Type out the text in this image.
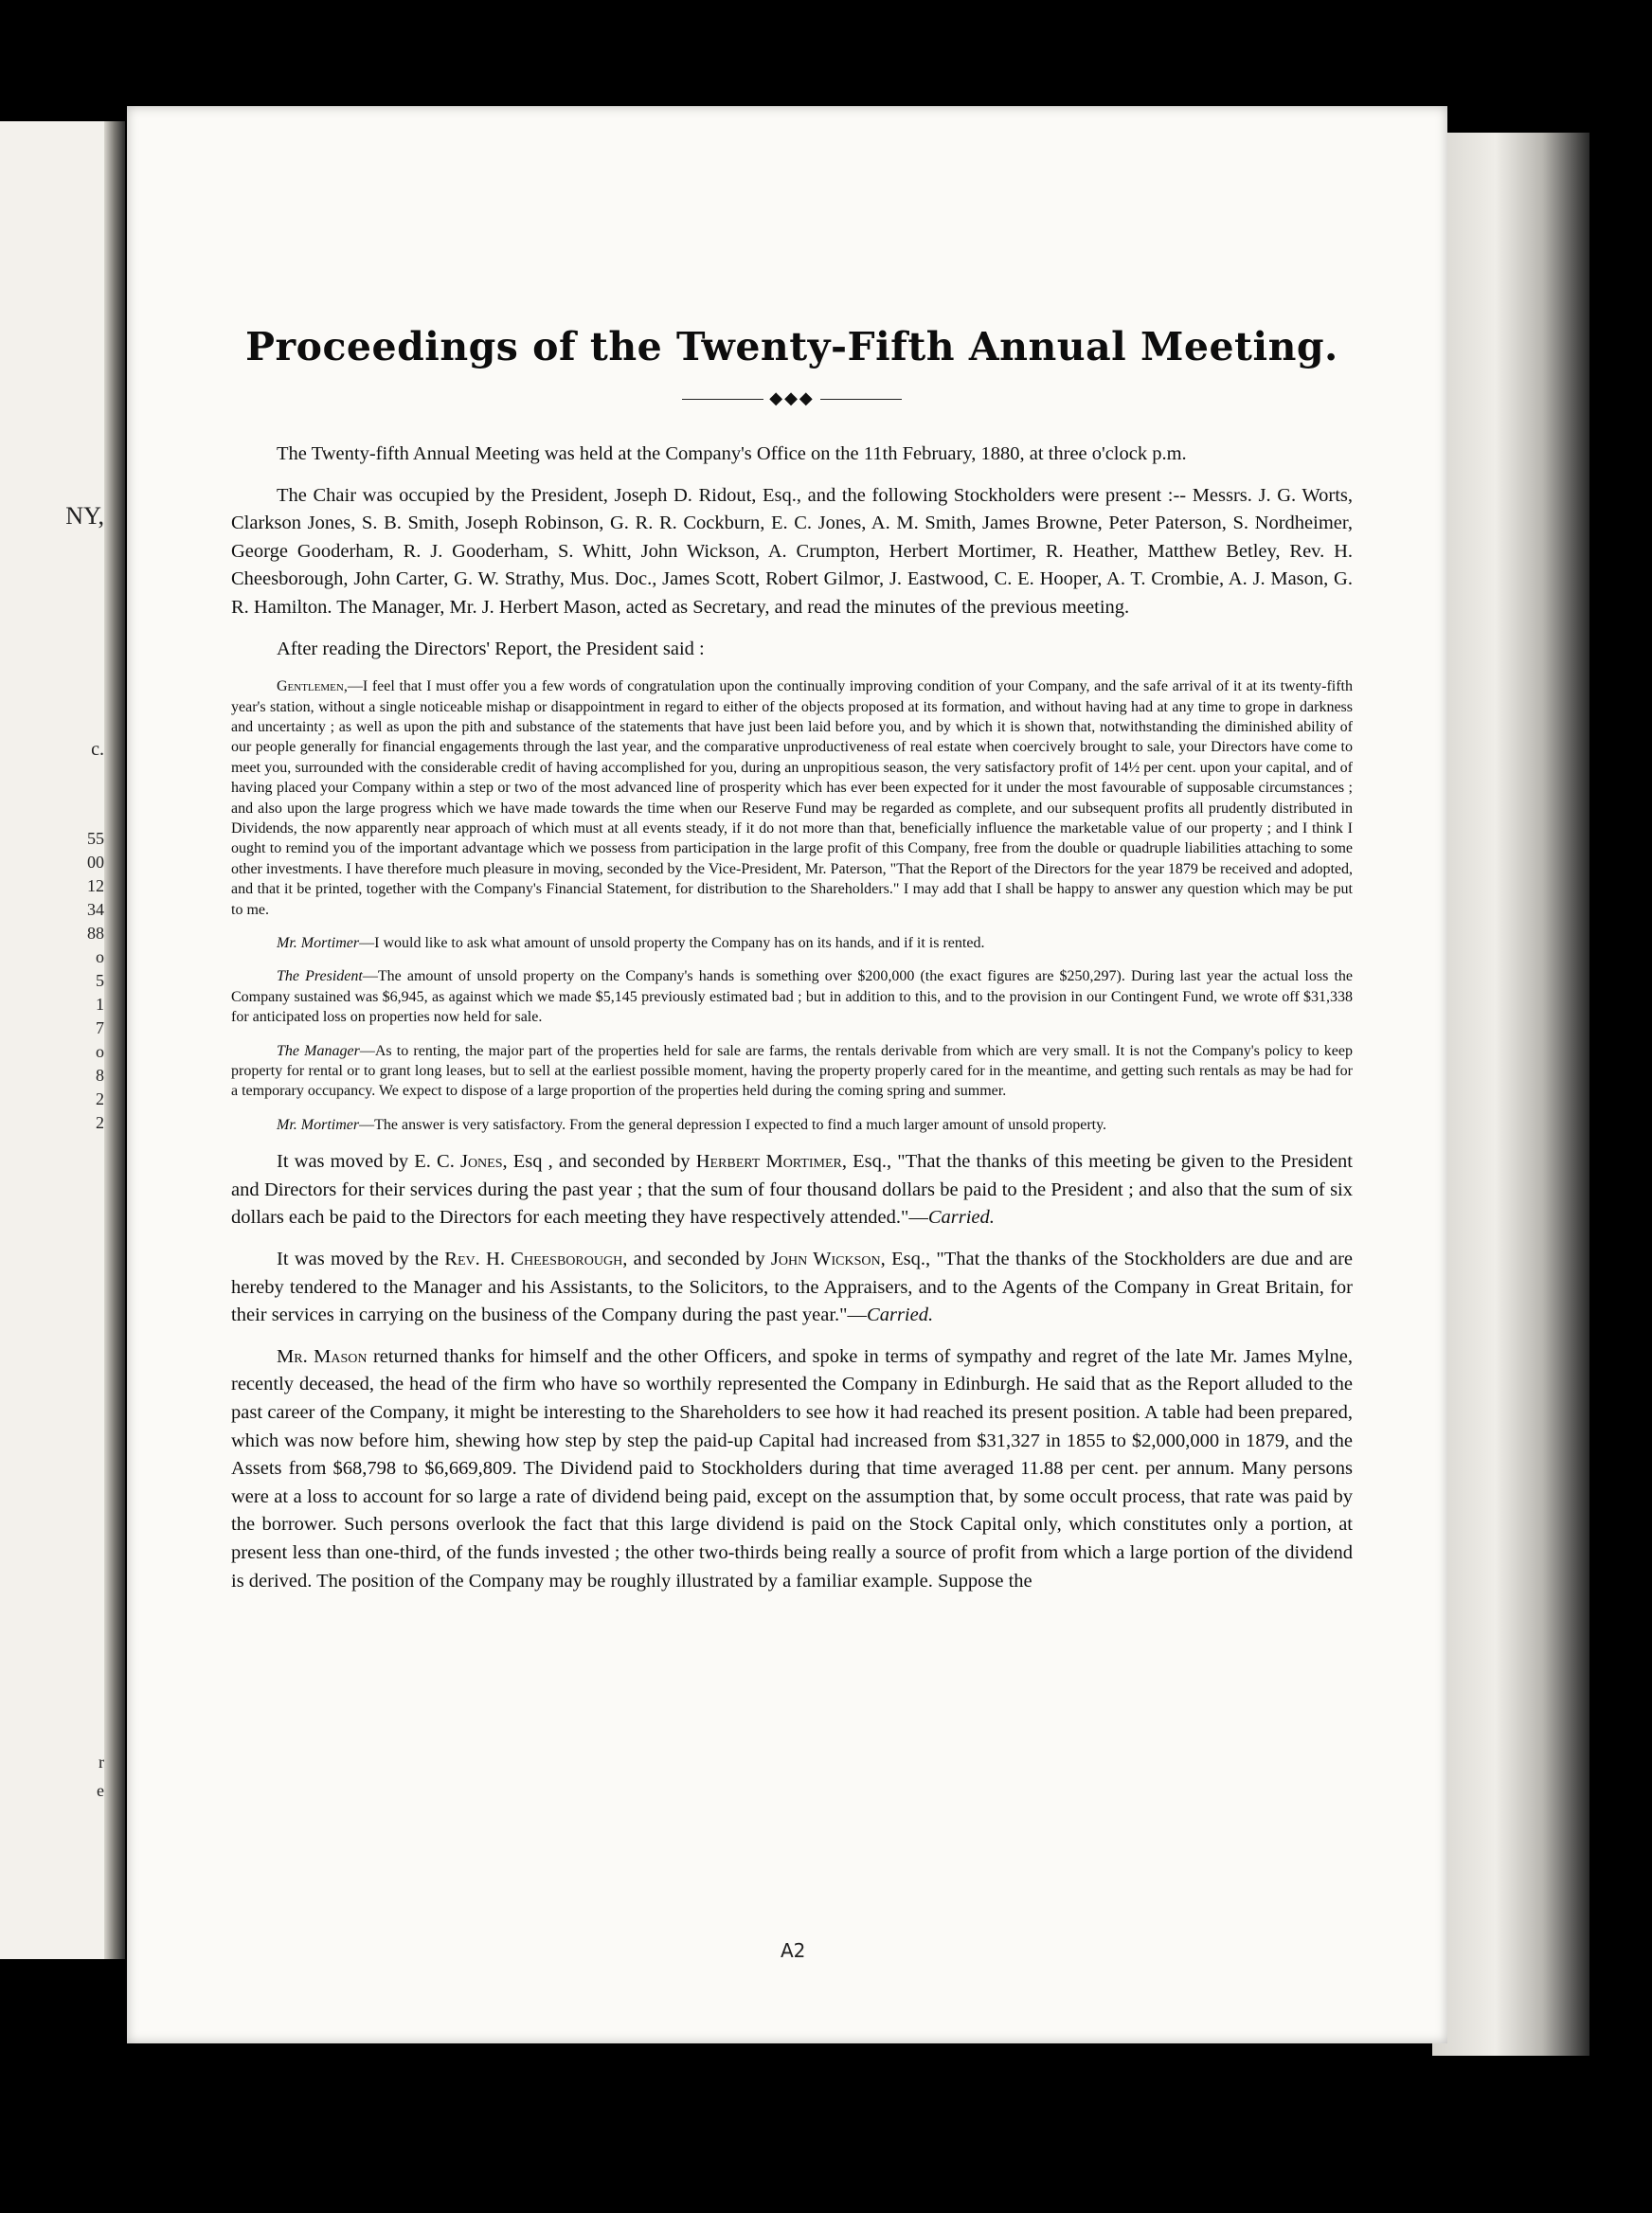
NY,
c.
55
00
12
34
88
o
5
1
7
o
8
2
2
r
e
Proceedings of the Twenty-Fifth Annual Meeting.
◆◆◆

The Twenty-fifth Annual Meeting was held at the Company's Office on the 11th February, 1880, at three o'clock p.m.

The Chair was occupied by the President, Joseph D. Ridout, Esq., and the following Stockholders were present :-- Messrs. J. G. Worts, Clarkson Jones, S. B. Smith, Joseph Robinson, G. R. R. Cockburn, E. C. Jones, A. M. Smith, James Browne, Peter Paterson, S. Nordheimer, George Gooderham, R. J. Gooderham, S. Whitt, John Wickson, A. Crumpton, Herbert Mortimer, R. Heather, Matthew Betley, Rev. H. Cheesborough, John Carter, G. W. Strathy, Mus. Doc., James Scott, Robert Gilmor, J. Eastwood, C. E. Hooper, A. T. Crombie, A. J. Mason, G. R. Hamilton. The Manager, Mr. J. Herbert Mason, acted as Secretary, and read the minutes of the previous meeting.

After reading the Directors' Report, the President said :

Gentlemen,—I feel that I must offer you a few words of congratulation upon the continually improving condition of your Company, and the safe arrival of it at its twenty-fifth year's station, without a single noticeable mishap or disappointment in regard to either of the objects proposed at its formation, and without having had at any time to grope in darkness and uncertainty ; as well as upon the pith and substance of the statements that have just been laid before you, and by which it is shown that, notwithstanding the diminished ability of our people generally for financial engagements through the last year, and the comparative unproductiveness of real estate when coercively brought to sale, your Directors have come to meet you, surrounded with the considerable credit of having accomplished for you, during an unpropitious season, the very satisfactory profit of 14½ per cent. upon your capital, and of having placed your Company within a step or two of the most advanced line of prosperity which has ever been expected for it under the most favourable of supposable circumstances ; and also upon the large progress which we have made towards the time when our Reserve Fund may be regarded as complete, and our subsequent profits all prudently distributed in Dividends, the now apparently near approach of which must at all events steady, if it do not more than that, beneficially influence the marketable value of our property ; and I think I ought to remind you of the important advantage which we possess from participation in the large profit of this Company, free from the double or quadruple liabilities attaching to some other investments. I have therefore much pleasure in moving, seconded by the Vice-President, Mr. Paterson, "That the Report of the Directors for the year 1879 be received and adopted, and that it be printed, together with the Company's Financial Statement, for distribution to the Shareholders." I may add that I shall be happy to answer any question which may be put to me.

Mr. Mortimer—I would like to ask what amount of unsold property the Company has on its hands, and if it is rented.

The President—The amount of unsold property on the Company's hands is something over $200,000 (the exact figures are $250,297). During last year the actual loss the Company sustained was $6,945, as against which we made $5,145 previously estimated bad ; but in addition to this, and to the provision in our Contingent Fund, we wrote off $31,338 for anticipated loss on properties now held for sale.

The Manager—As to renting, the major part of the properties held for sale are farms, the rentals derivable from which are very small. It is not the Company's policy to keep property for rental or to grant long leases, but to sell at the earliest possible moment, having the property properly cared for in the meantime, and getting such rentals as may be had for a temporary occupancy. We expect to dispose of a large proportion of the properties held during the coming spring and summer.

Mr. Mortimer—The answer is very satisfactory. From the general depression I expected to find a much larger amount of unsold property.

It was moved by E. C. Jones, Esq , and seconded by Herbert Mortimer, Esq., "That the thanks of this meeting be given to the President and Directors for their services during the past year ; that the sum of four thousand dollars be paid to the President ; and also that the sum of six dollars each be paid to the Directors for each meeting they have respectively attended."—Carried.

It was moved by the Rev. H. Cheesborough, and seconded by John Wickson, Esq., "That the thanks of the Stockholders are due and are hereby tendered to the Manager and his Assistants, to the Solicitors, to the Appraisers, and to the Agents of the Company in Great Britain, for their services in carrying on the business of the Company during the past year."—Carried.

Mr. Mason returned thanks for himself and the other Officers, and spoke in terms of sympathy and regret of the late Mr. James Mylne, recently deceased, the head of the firm who have so worthily represented the Company in Edinburgh. He said that as the Report alluded to the past career of the Company, it might be interesting to the Shareholders to see how it had reached its present position. A table had been prepared, which was now before him, shewing how step by step the paid-up Capital had increased from $31,327 in 1855 to $2,000,000 in 1879, and the Assets from $68,798 to $6,669,809. The Dividend paid to Stockholders during that time averaged 11.88 per cent. per annum. Many persons were at a loss to account for so large a rate of dividend being paid, except on the assumption that, by some occult process, that rate was paid by the borrower. Such persons overlook the fact that this large dividend is paid on the Stock Capital only, which constitutes only a portion, at present less than one-third, of the funds invested ; the other two-thirds being really a source of profit from which a large portion of the dividend is derived. The position of the Company may be roughly illustrated by a familiar example. Suppose the

A2
